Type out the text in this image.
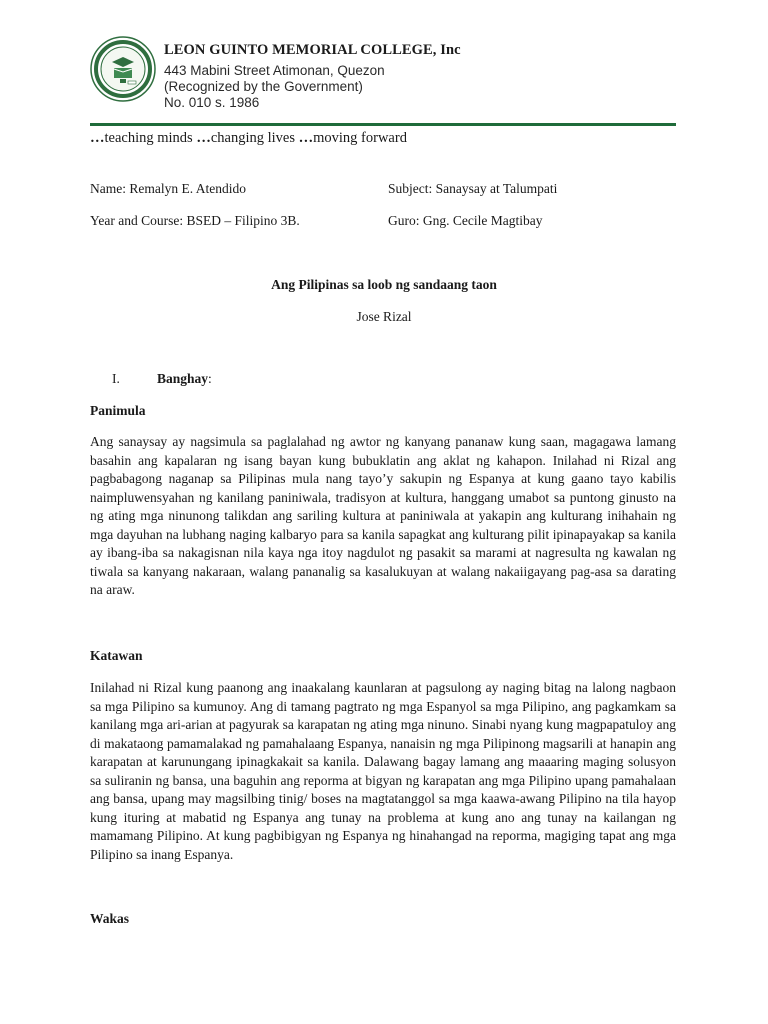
LEON GUINTO MEMORIAL COLLEGE, Inc
443 Mabini Street Atimonan, Quezon
(Recognized by the Government)
No. 010 s. 1986
…teaching minds …changing lives …moving forward
Name: Remalyn E. Atendido	Subject: Sanaysay at Talumpati
Year and Course: BSED – Filipino 3B.	Guro: Gng. Cecile Magtibay
Ang Pilipinas sa loob ng sandaang taon
Jose Rizal
I.	Banghay:
Panimula

Ang sanaysay ay nagsimula sa paglalahad ng awtor ng kanyang pananaw kung saan, magagawa lamang basahin ang kapalaran ng isang bayan kung bubuklatin ang aklat ng kahapon. Inilahad ni Rizal ang pagbabagong naganap sa Pilipinas mula nang tayo’y sakupin ng Espanya at kung gaano tayo kabilis naimpluwensyahan ng kanilang paniniwala, tradisyon at kultura, hanggang umabot sa puntong ginusto na ng ating mga ninunong talikdan ang sariling kultura at paniniwala at yakapin ang kulturang inihahain ng mga dayuhan na lubhang naging kalbaryo para sa kanila sapagkat ang kulturang pilit ipinapayakap sa kanila ay ibang-iba sa nakagisnan nila kaya nga itoy nagdulot ng pasakit sa marami at nagresulta ng kawalan ng tiwala sa kanyang nakaraan, walang pananalig sa kasalukuyan at walang nakaiigayang pag-asa sa darating na araw.

Katawan

Inilahad ni Rizal kung paanong ang inaakalang kaunlaran at pagsulong ay naging bitag na lalong nagbaon sa mga Pilipino sa kumunoy. Ang di tamang pagtrato ng mga Espanyol sa mga Pilipino, ang pagkamkam sa kanilang mga ari-arian at pagyurak sa karapatan ng ating mga ninuno. Sinabi nyang kung magpapatuloy ang di makataong pamamalakad ng pamahalaang Espanya, nanaisin ng mga Pilipinong magsarili at hanapin ang karapatan at karunungang ipinagkakait sa kanila. Dalawang bagay lamang ang maaaring maging solusyon sa suliranin ng bansa, una baguhin ang reporma at bigyan ng karapatan ang mga Pilipino upang pamahalaan ang bansa, upang may magsilbing tinig/ boses na magtatanggol sa mga kaawa-awang Pilipino na tila hayop kung ituring at mabatid ng Espanya ang tunay na problema at kung ano ang tunay na kailangan ng mamamang Pilipino. At kung pagbibigyan ng Espanya ng hinahangad na reporma, magiging tapat ang mga Pilipino sa inang Espanya.

Wakas
